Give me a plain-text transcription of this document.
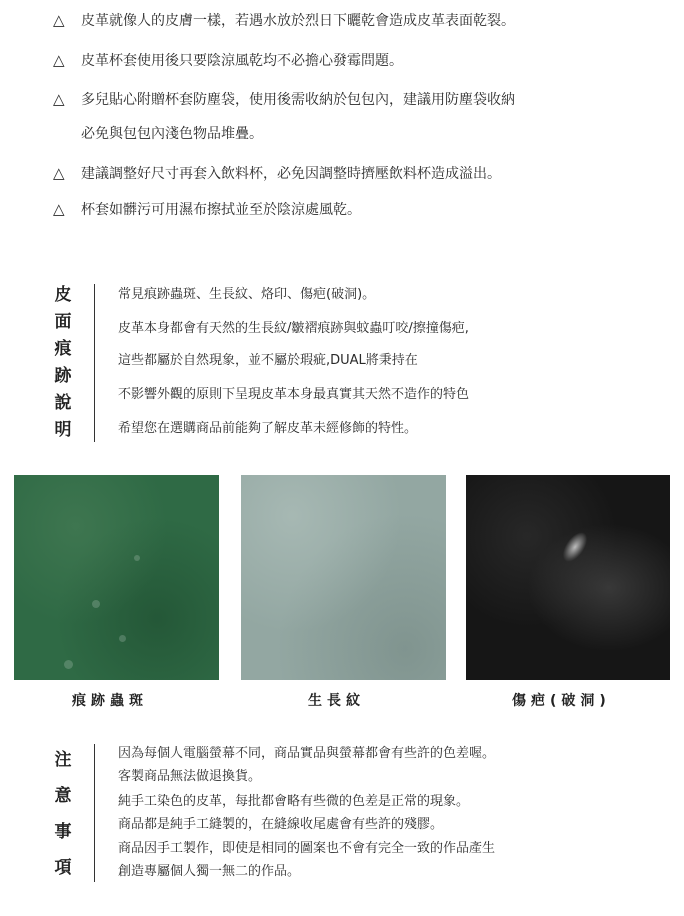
△ 皮革就像人的皮膚一樣，若遇水放於烈日下曬乾會造成皮革表面乾裂。
△ 皮革杯套使用後只要陰涼風乾均不必擔心發霉問題。
△ 多兒貼心附贈杯套防塵袋，使用後需收納於包包內，建議用防塵袋收納
必免與包包內淺色物品堆疊。
△ 建議調整好尺寸再套入飲料杯，必免因調整時擠壓飲料杯造成溢出。
△ 杯套如髒污可用濕布擦拭並至於陰涼處風乾。
皮
面
痕
跡
說
明
常見痕跡蟲斑、生長紋、烙印、傷疤(破洞)。
皮革本身都會有天然的生長紋/皺褶痕跡與蚊蟲叮咬/擦撞傷疤,
這些都屬於自然現象，並不屬於瑕疵,DUAL將秉持在
不影響外觀的原則下呈現皮革本身最真實其天然不造作的特色
希望您在選購商品前能夠了解皮革未經修飾的特性。
痕跡蟲斑	生長紋	傷疤(破洞)
注
意
事
項
因為每個人電腦螢幕不同，商品實品與螢幕都會有些許的色差喔。
客製商品無法做退換貨。
純手工染色的皮革，每批都會略有些微的色差是正常的現象。
商品都是純手工縫製的，在縫線收尾處會有些許的殘膠。
商品因手工製作，即使是相同的圖案也不會有完全一致的作品產生
創造專屬個人獨一無二的作品。
